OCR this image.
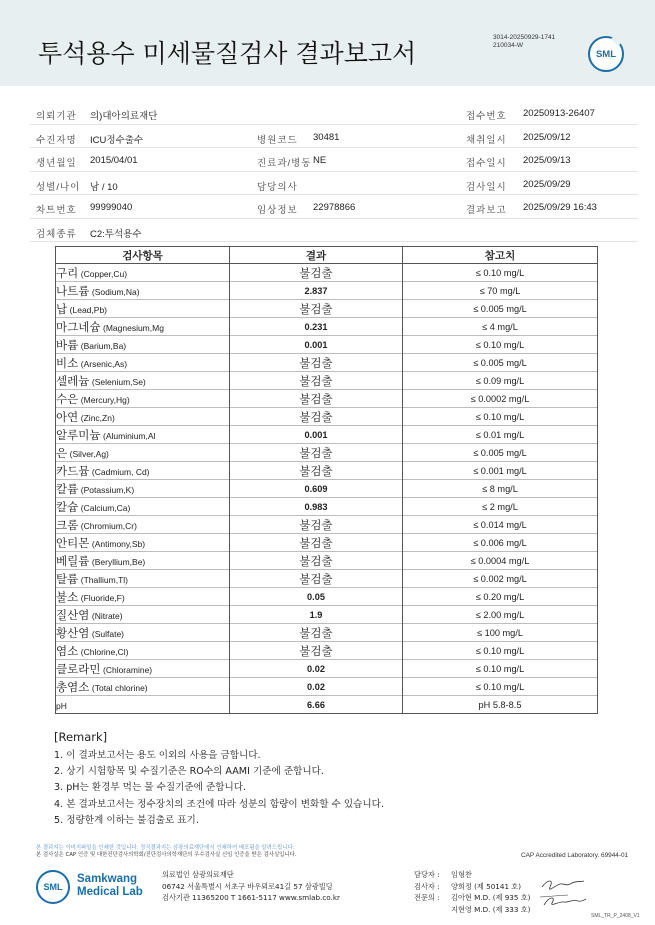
투석용수 미세물질검사 결과보고서
3014-20250929-1741
210034-W
SML
의뢰기관 의)대아의료재단	접수번호 20250913-26407
수진자명 ICU정수출수	병원코드 30481	채취일시 2025/09/12
생년월일 2015/04/01	진료과/병동 NE	접수일시 2025/09/13
성별/나이 남 / 10	담당의사	검사일시 2025/09/29
차트번호 99999040	임상정보 22978866	결과보고 2025/09/29 16:43
검체종류 C2:투석용수
검사항목	결과	참고치
구리 (Copper,Cu)	불검출	≤ 0.10 mg/L
나트륨 (Sodium,Na)	2.837	≤ 70 mg/L
납 (Lead,Pb)	불검출	≤ 0.005 mg/L
마그네슘 (Magnesium,Mg	0.231	≤ 4 mg/L
바륨 (Barium,Ba)	0.001	≤ 0.10 mg/L
비소 (Arsenic,As)	불검출	≤ 0.005 mg/L
셀레늄 (Selenium,Se)	불검출	≤ 0.09 mg/L
수은 (Mercury,Hg)	불검출	≤ 0.0002 mg/L
아연 (Zinc,Zn)	불검출	≤ 0.10 mg/L
알루미늄 (Aluminium,Al	0.001	≤ 0.01 mg/L
은 (Silver,Ag)	불검출	≤ 0.005 mg/L
카드뮴 (Cadmium, Cd)	불검출	≤ 0.001 mg/L
칼륨 (Potassium,K)	0.609	≤ 8 mg/L
칼슘 (Calcium,Ca)	0.983	≤ 2 mg/L
크롬 (Chromium,Cr)	불검출	≤ 0.014 mg/L
안티몬 (Antimony,Sb)	불검출	≤ 0.006 mg/L
베릴륨 (Beryllium,Be)	불검출	≤ 0.0004 mg/L
탈륨 (Thallium,Tl)	불검출	≤ 0.002 mg/L
불소 (Fluoride,F)	0.05	≤ 0.20 mg/L
질산염 (Nitrate)	1.9	≤ 2.00 mg/L
황산염 (Sulfate)	불검출	≤ 100 mg/L
염소 (Chlorine,Cl)	불검출	≤ 0.10 mg/L
클로라민 (Chloramine)	0.02	≤ 0.10 mg/L
총염소 (Total chlorine)	0.02	≤ 0.10 mg/L
pH	6.66	pH 5.8-8.5
[Remark]
1. 이 결과보고서는 용도 이외의 사용을 금합니다.
2. 상기 시험항목 및 수질기준은 RO수의 AAMI 기준에 준합니다.
3. pH는 환경부 먹는 물 수질기준에 준합니다.
4. 본 결과보고서는 정수장치의 조건에 따라 성분의 함량이 변화할 수 있습니다.
5. 정량한계 이하는 불검출로 표기.
본 결과지는 이미지파일을 인쇄한 것입니다. 정식결과지는 삼광의료재단에서 인쇄하여 배포됨을 알려드립니다.
본 검사실은 CAP 인증 및 대한진단검사의학회/진단검사의학재단의 우수검사실 신임 인증을 받은 검사실입니다.	CAP Accredited Laboratory. 69944-01
SML
Samkwang
Medical Lab
의료법인 삼광의료재단
06742 서울특별시 서초구 바우뫼로41길 57 삼광빌딩
검사기관 11365200 T 1661-5117 www.smlab.co.kr
담당자 : 임형찬
검사자 : 양희정 (제 50141 호)
전문의 : 김아현 M.D. (제 935 호)
지현영 M.D. (제 333 호)
SML_TR_P_2408_V1
